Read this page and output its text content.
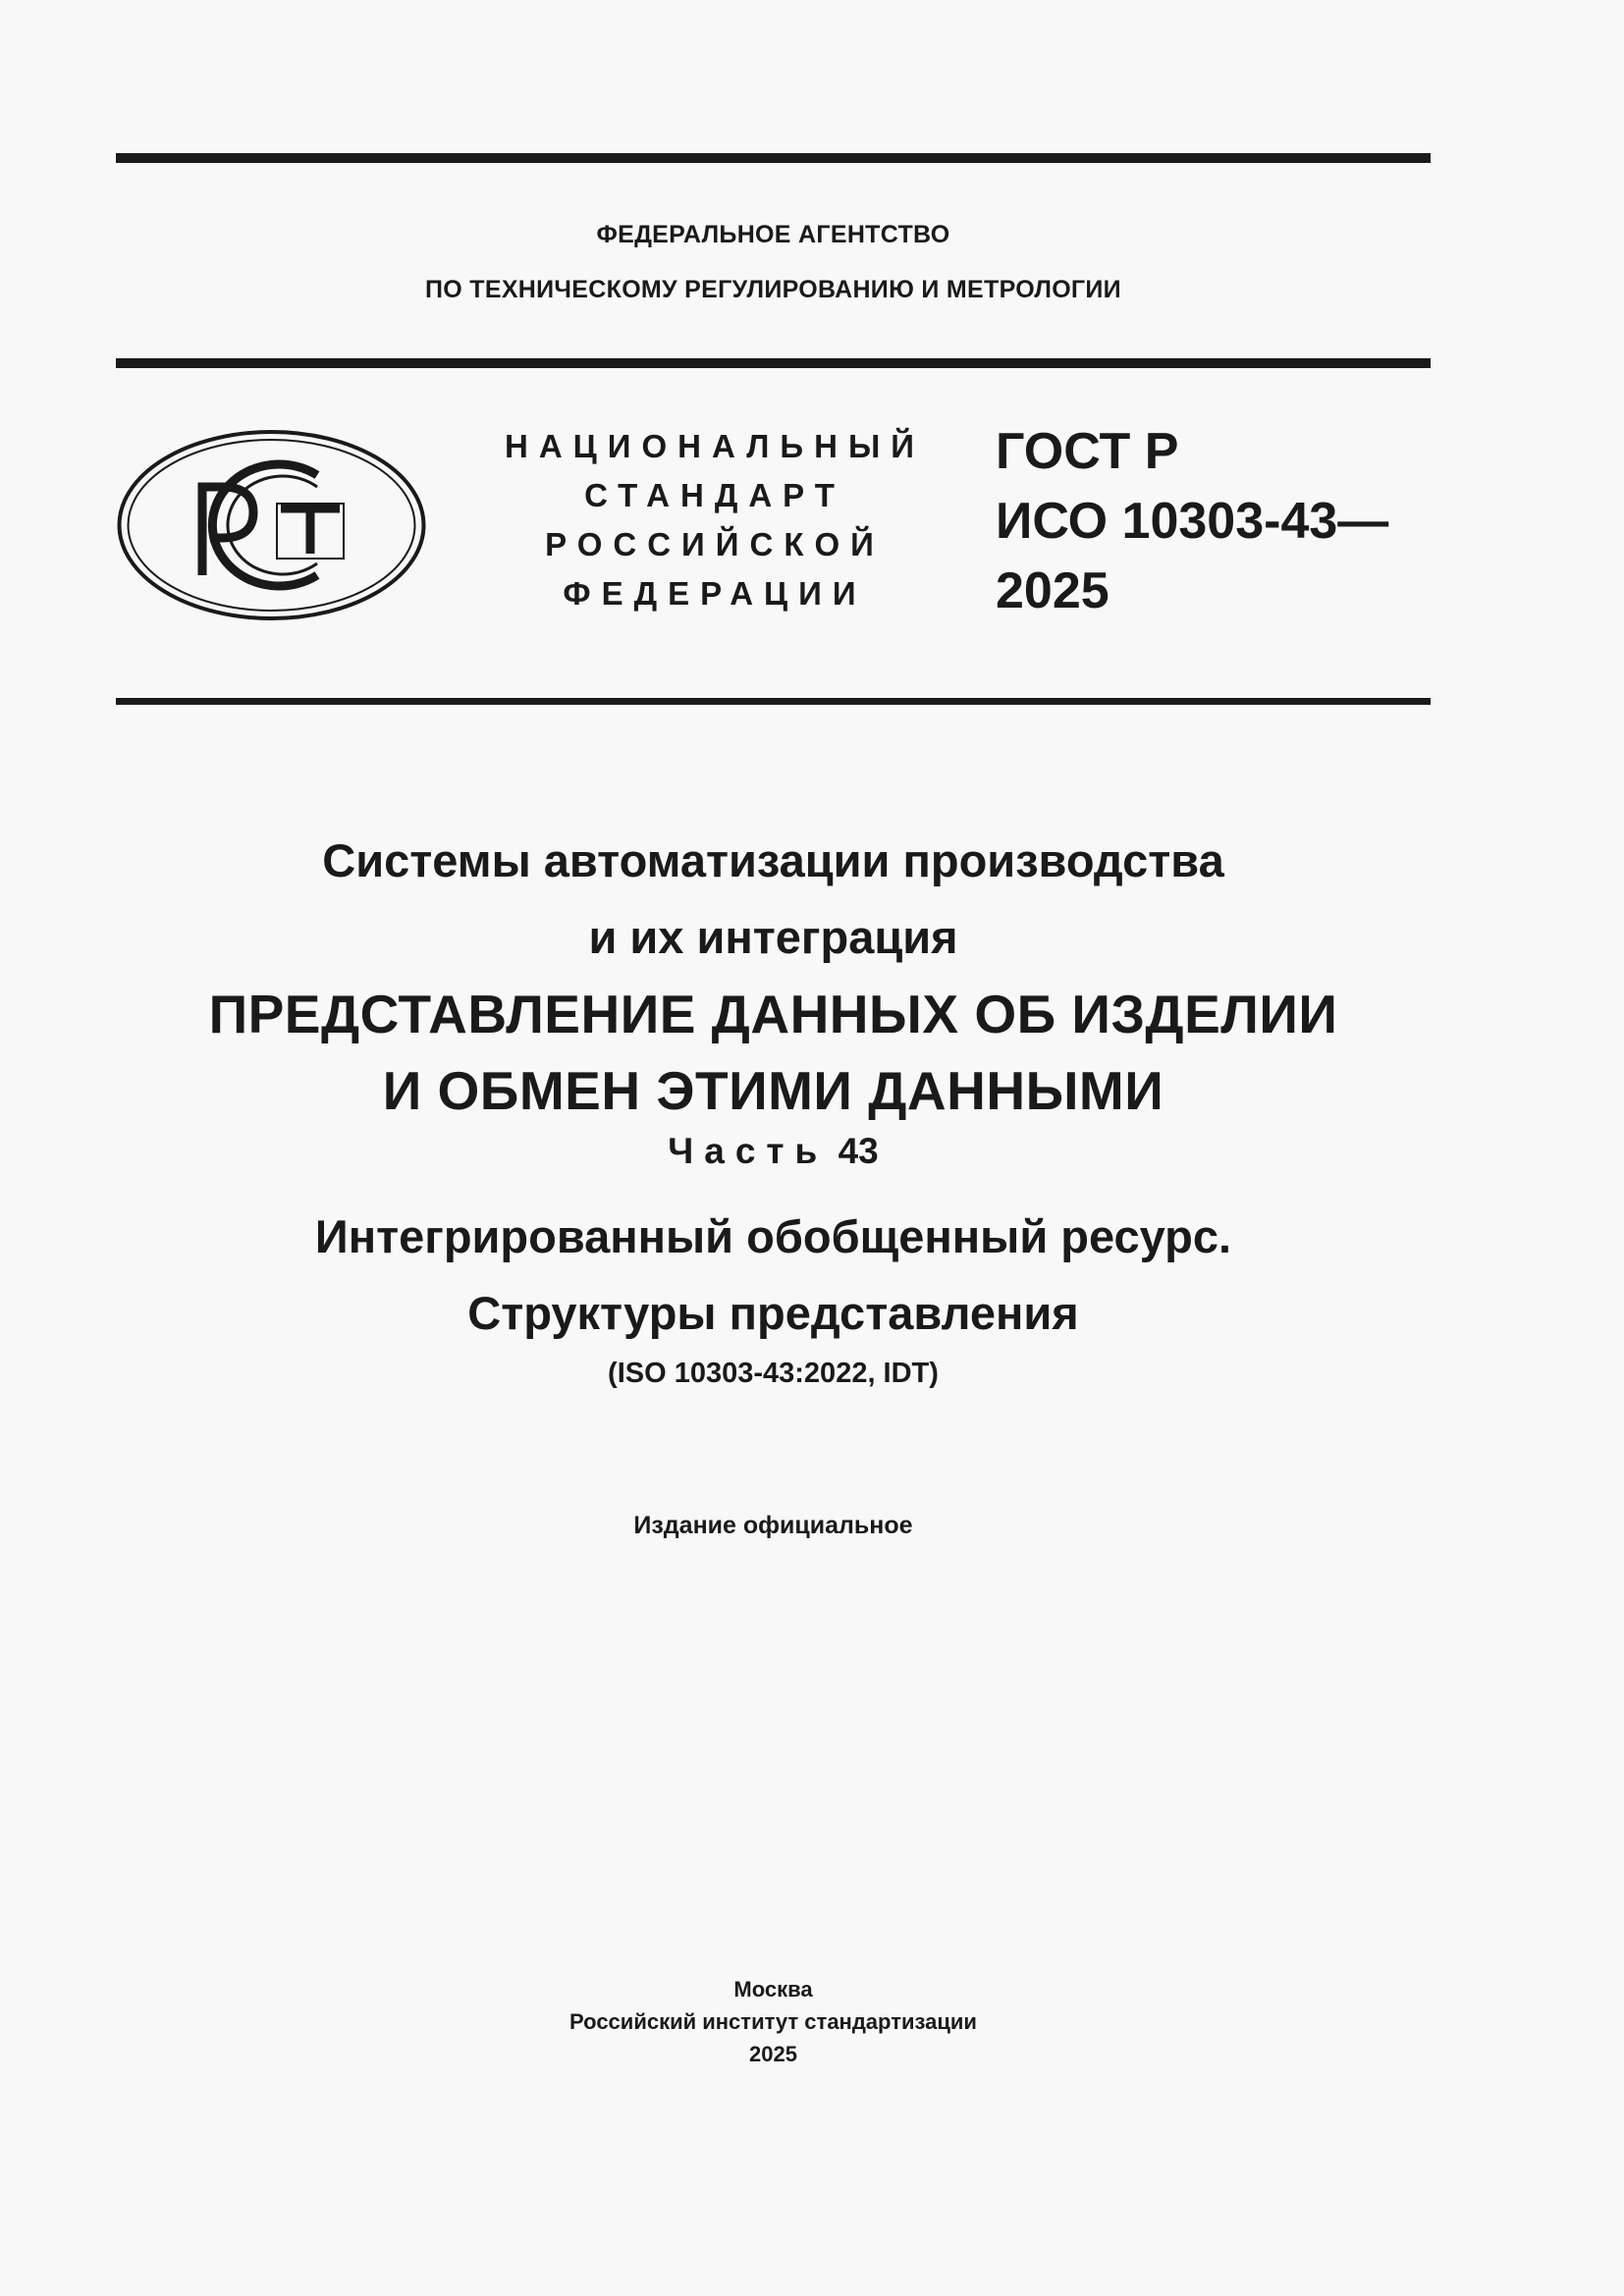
ФЕДЕРАЛЬНОЕ АГЕНТСТВО
ПО ТЕХНИЧЕСКОМУ РЕГУЛИРОВАНИЮ И МЕТРОЛОГИИ
НАЦИОНАЛЬНЫЙ
СТАНДАРТ
РОССИЙСКОЙ
ФЕДЕРАЦИИ
ГОСТ Р
ИСО 10303-43—
2025
Системы автоматизации производства
и их интеграция
ПРЕДСТАВЛЕНИЕ ДАННЫХ ОБ ИЗДЕЛИИ
И ОБМЕН ЭТИМИ ДАННЫМИ
Часть 43
Интегрированный обобщенный ресурс.
Структуры представления
(ISO 10303-43:2022, IDT)
Издание официальное
Москва
Российский институт стандартизации
2025
